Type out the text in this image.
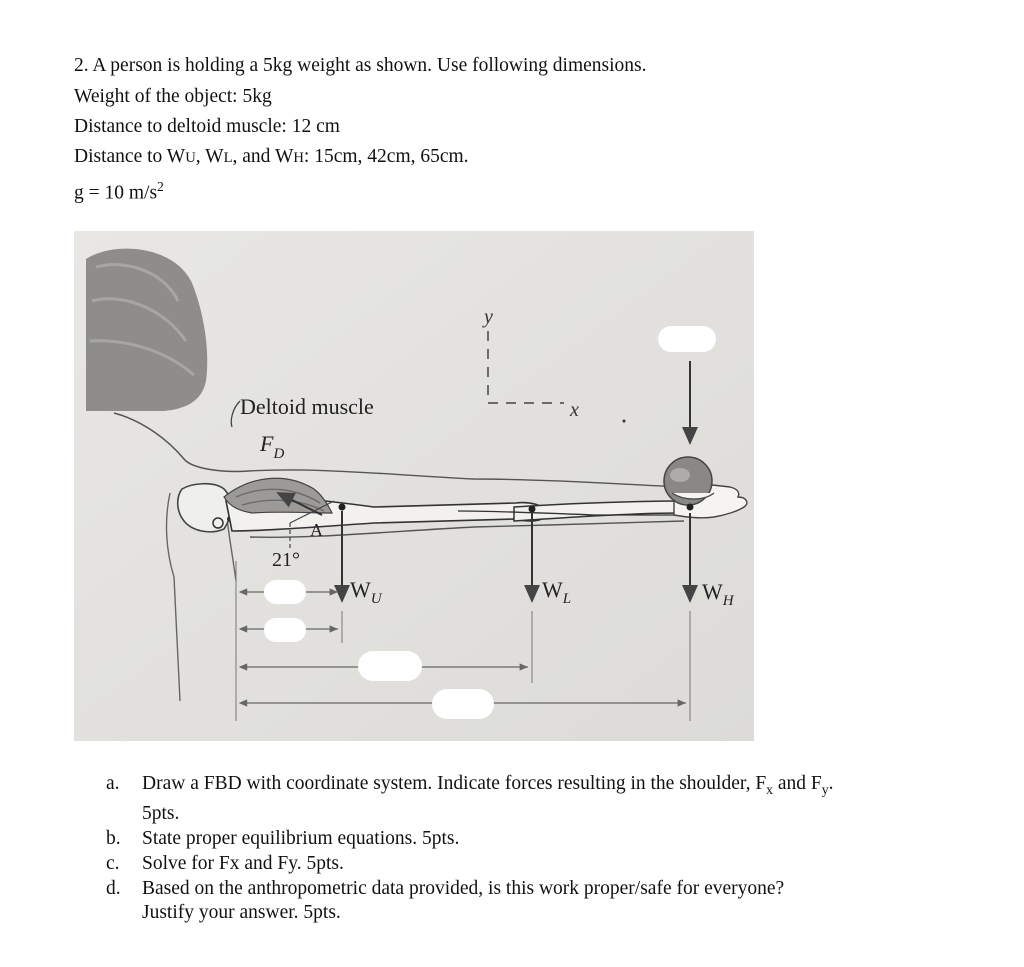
2. A person is holding a 5kg weight as shown. Use following dimensions.
Weight of the object: 5kg
Distance to deltoid muscle: 12 cm
Distance to WU, WL, and WH: 15cm, 42cm, 65cm.
g = 10 $m/s^2$
y
x
Deltoid muscle
$F_D$
A
21°
$W_U$	$W_L$	$W_H$
a. Draw a FBD with coordinate system. Indicate forces resulting in the shoulder, $F_x$ and $F_y$.
5pts.
b. State proper equilibrium equations. 5pts.
c. Solve for Fx and Fy. 5pts.
d. Based on the anthropometric data provided, is this work proper/safe for everyone?
Justify your answer. 5pts.
